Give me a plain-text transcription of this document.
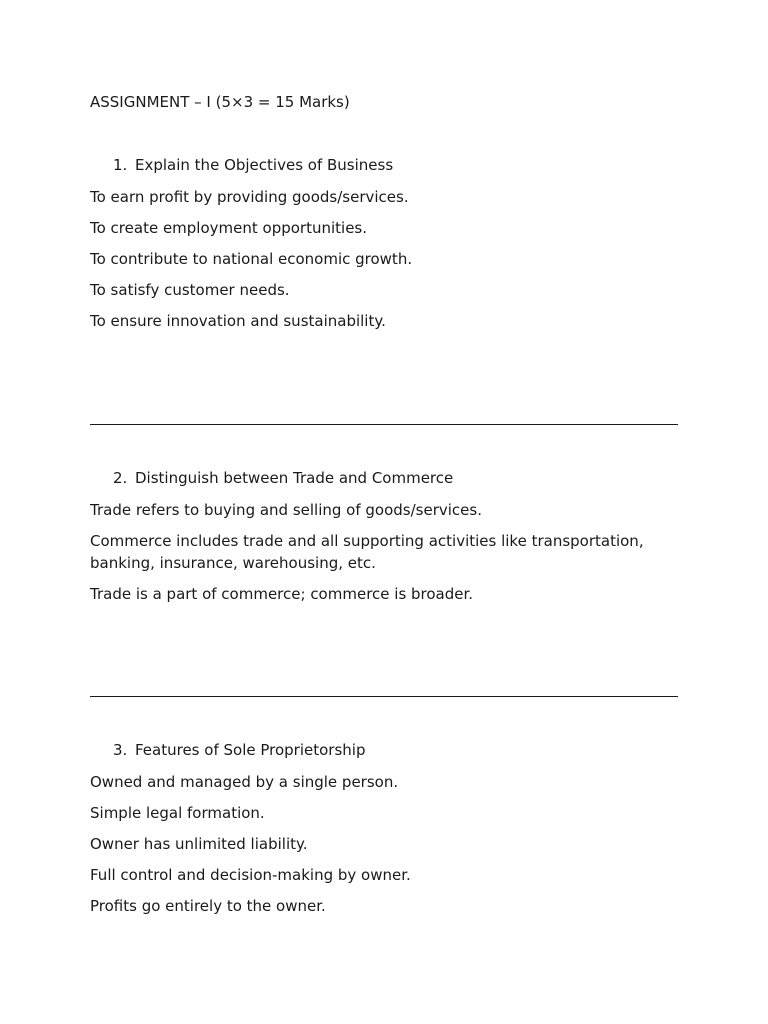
ASSIGNMENT – I (5×3 = 15 Marks)
1. Explain the Objectives of Business
To earn profit by providing goods/services.
To create employment opportunities.
To contribute to national economic growth.
To satisfy customer needs.
To ensure innovation and sustainability.
2. Distinguish between Trade and Commerce
Trade refers to buying and selling of goods/services.
Commerce includes trade and all supporting activities like transportation, banking, insurance, warehousing, etc.
Trade is a part of commerce; commerce is broader.
3. Features of Sole Proprietorship
Owned and managed by a single person.
Simple legal formation.
Owner has unlimited liability.
Full control and decision-making by owner.
Profits go entirely to the owner.
